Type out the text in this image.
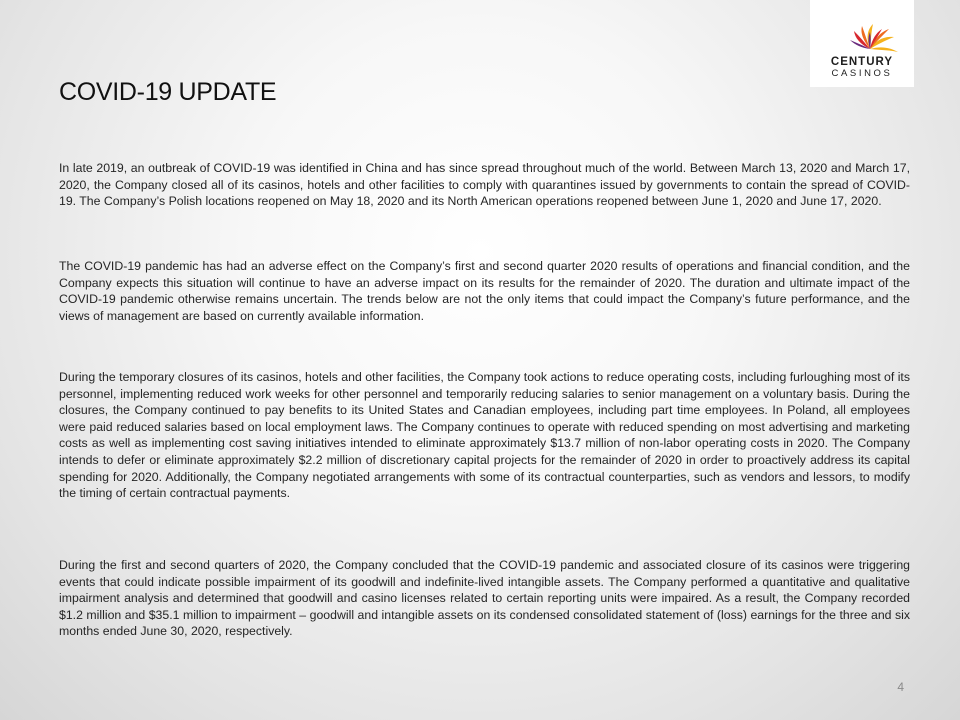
CENTURY
CASINOS
COVID-19 UPDATE

In late 2019, an outbreak of COVID-19 was identified in China and has since spread throughout much of the world. Between March 13, 2020 and March 17, 2020, the Company closed all of its casinos, hotels and other facilities to comply with quarantines issued by governments to contain the spread of COVID-19. The Company’s Polish locations reopened on May 18, 2020 and its North American operations reopened between June 1, 2020 and June 17, 2020.

The COVID-19 pandemic has had an adverse effect on the Company’s first and second quarter 2020 results of operations and financial condition, and the Company expects this situation will continue to have an adverse impact on its results for the remainder of 2020. The duration and ultimate impact of the COVID-19 pandemic otherwise remains uncertain. The trends below are not the only items that could impact the Company’s future performance, and the views of management are based on currently available information.

During the temporary closures of its casinos, hotels and other facilities, the Company took actions to reduce operating costs, including furloughing most of its personnel, implementing reduced work weeks for other personnel and temporarily reducing salaries to senior management on a voluntary basis. During the closures, the Company continued to pay benefits to its United States and Canadian employees, including part time employees. In Poland, all employees were paid reduced salaries based on local employment laws. The Company continues to operate with reduced spending on most advertising and marketing costs as well as implementing cost saving initiatives intended to eliminate approximately $13.7 million of non-labor operating costs in 2020. The Company intends to defer or eliminate approximately $2.2 million of discretionary capital projects for the remainder of 2020 in order to proactively address its capital spending for 2020. Additionally, the Company negotiated arrangements with some of its contractual counterparties, such as vendors and lessors, to modify the timing of certain contractual payments.

During the first and second quarters of 2020, the Company concluded that the COVID-19 pandemic and associated closure of its casinos were triggering events that could indicate possible impairment of its goodwill and indefinite-lived intangible assets. The Company performed a quantitative and qualitative impairment analysis and determined that goodwill and casino licenses related to certain reporting units were impaired. As a result, the Company recorded $1.2 million and $35.1 million to impairment – goodwill and intangible assets on its condensed consolidated statement of (loss) earnings for the three and six months ended June 30, 2020, respectively.

4
